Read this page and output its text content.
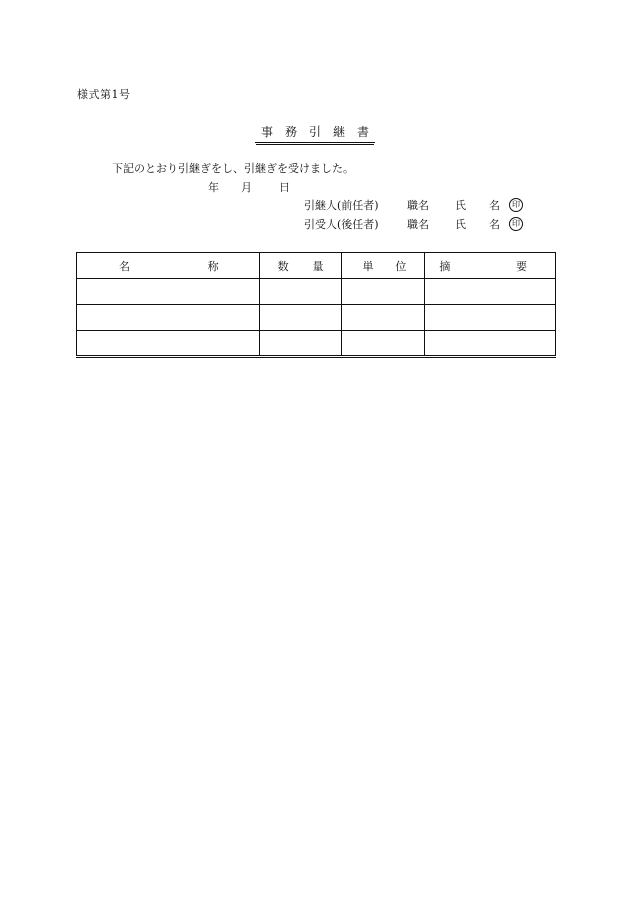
様式第1号
事 務 引 継 書
下記のとおり引継ぎをし、引継ぎを受けました。
年	月	日
引継人(前任者)	職名	氏	名	印
引受人(後任者)	職名	氏	名	印
名 称	数 量	単 位	摘 要
